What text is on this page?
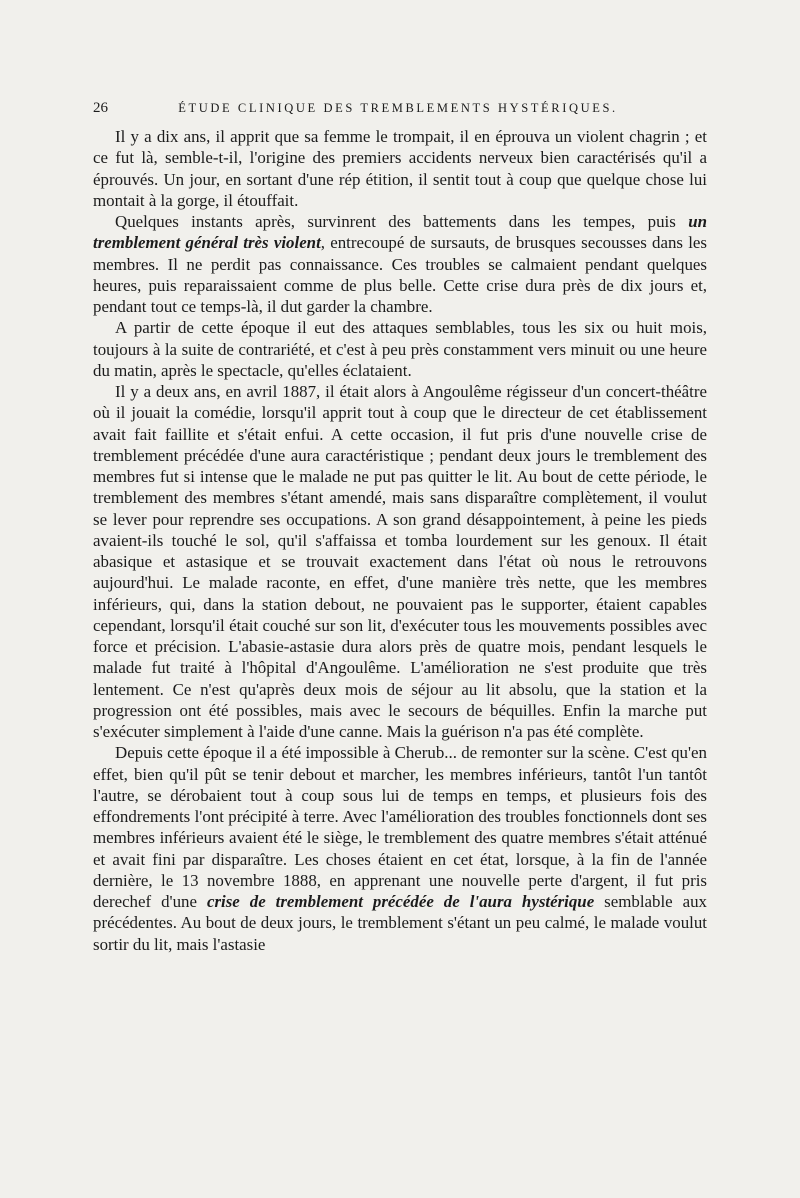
26	ÉTUDE CLINIQUE DES TREMBLEMENTS HYSTÉRIQUES.

Il y a dix ans, il apprit que sa femme le trompait, il en éprouva un violent chagrin ; et ce fut là, semble-t-il, l'origine des premiers accidents nerveux bien caractérisés qu'il a éprouvés. Un jour, en sortant d'une rép étition, il sentit tout à coup que quelque chose lui montait à la gorge, il étouffait.

Quelques instants après, survinrent des battements dans les tempes, puis un tremblement général très violent, entrecoupé de sursauts, de brusques secousses dans les membres. Il ne perdit pas connaissance. Ces troubles se calmaient pendant quelques heures, puis reparaissaient comme de plus belle. Cette crise dura près de dix jours et, pendant tout ce temps-là, il dut garder la chambre.

A partir de cette époque il eut des attaques semblables, tous les six ou huit mois, toujours à la suite de contrariété, et c'est à peu près constamment vers minuit ou une heure du matin, après le spectacle, qu'elles éclataient.

Il y a deux ans, en avril 1887, il était alors à Angoulême régisseur d'un concert-théâtre où il jouait la comédie, lorsqu'il apprit tout à coup que le directeur de cet établissement avait fait faillite et s'était enfui. A cette occasion, il fut pris d'une nouvelle crise de tremblement précédée d'une aura caractéristique ; pendant deux jours le tremblement des membres fut si intense que le malade ne put pas quitter le lit. Au bout de cette période, le tremblement des membres s'étant amendé, mais sans disparaître complètement, il voulut se lever pour reprendre ses occupations. A son grand désappointement, à peine les pieds avaient-ils touché le sol, qu'il s'affaissa et tomba lourdement sur les genoux. Il était abasique et astasique et se trouvait exactement dans l'état où nous le retrouvons aujourd'hui. Le malade raconte, en effet, d'une manière très nette, que les membres inférieurs, qui, dans la station debout, ne pouvaient pas le supporter, étaient capables cependant, lorsqu'il était couché sur son lit, d'exécuter tous les mouvements possibles avec force et précision. L'abasie-astasie dura alors près de quatre mois, pendant lesquels le malade fut traité à l'hôpital d'Angoulême. L'amélioration ne s'est produite que très lentement. Ce n'est qu'après deux mois de séjour au lit absolu, que la station et la progression ont été possibles, mais avec le secours de béquilles. Enfin la marche put s'exécuter simplement à l'aide d'une canne. Mais la guérison n'a pas été complète.

Depuis cette époque il a été impossible à Cherub... de remonter sur la scène. C'est qu'en effet, bien qu'il pût se tenir debout et marcher, les membres inférieurs, tantôt l'un tantôt l'autre, se dérobaient tout à coup sous lui de temps en temps, et plusieurs fois des effondrements l'ont précipité à terre. Avec l'amélioration des troubles fonctionnels dont ses membres inférieurs avaient été le siège, le tremblement des quatre membres s'était atténué et avait fini par disparaître. Les choses étaient en cet état, lorsque, à la fin de l'année dernière, le 13 novembre 1888, en apprenant une nouvelle perte d'argent, il fut pris derechef d'une crise de tremblement précédée de l'aura hystérique semblable aux précédentes. Au bout de deux jours, le tremblement s'étant un peu calmé, le malade voulut sortir du lit, mais l'astasie
